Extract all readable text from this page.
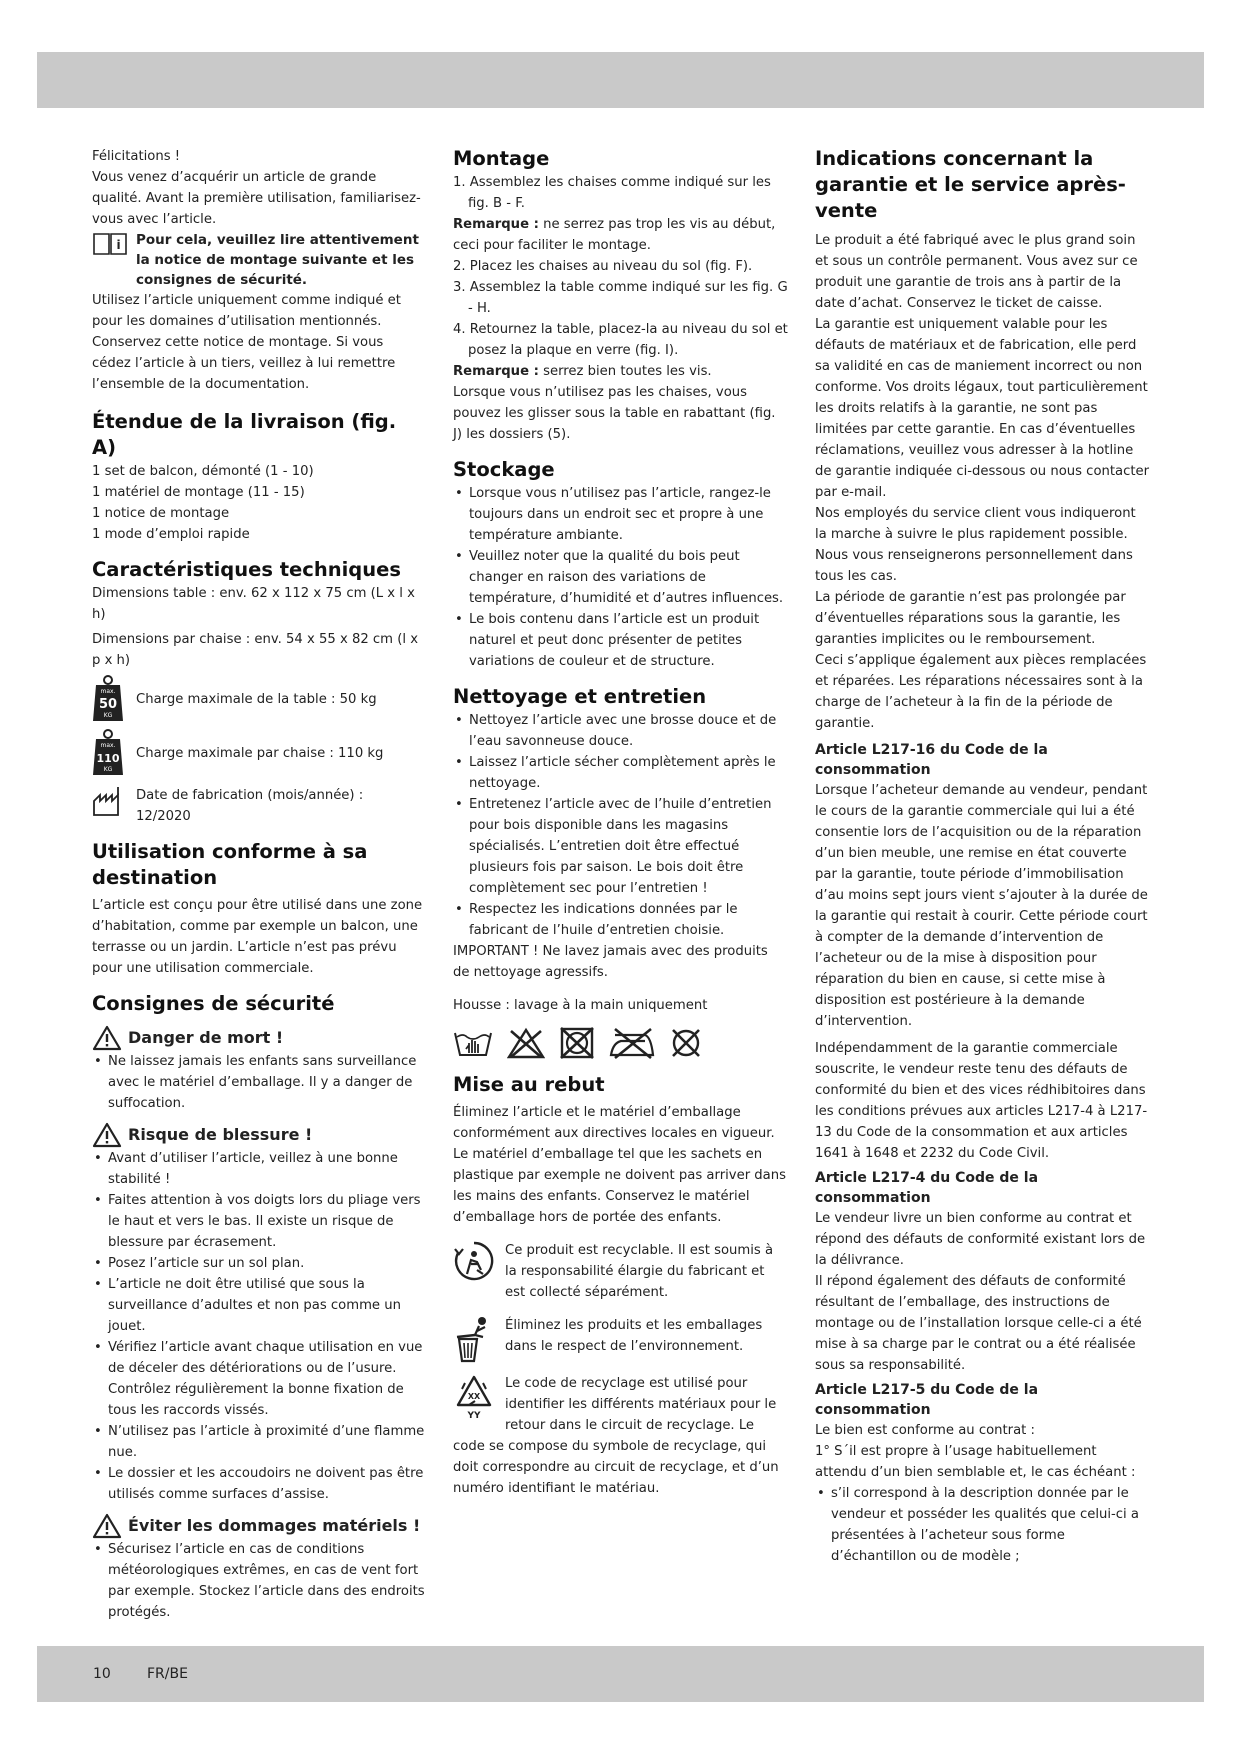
Félicitations !

Vous venez d’acquérir un article de grande qualité. Avant la première utilisation, familiarisez-vous avec l’article.

i Pour cela, veuillez lire attentivement la notice de montage suivante et les consignes de sécurité.

Utilisez l’article uniquement comme indiqué et pour les domaines d’utilisation mentionnés. Conservez cette notice de montage. Si vous cédez l’article à un tiers, veillez à lui remettre l’ensemble de la documentation.

Étendue de la livraison (fig. A)

1 set de balcon, démonté (1 - 10)

1 matériel de montage (11 - 15)

1 notice de montage

1 mode d’emploi rapide

Caractéristiques techniques

Dimensions table : env. 62 x 112 x 75 cm (L x l x h)

Dimensions par chaise : env. 54 x 55 x 82 cm (l x p x h)

max.
50
KG

Charge maximale de la table : 50 kg

max.
110
KG

Charge maximale par chaise : 110 kg

Date de fabrication (mois/année) : 12/2020

Utilisation conforme à sa destination

L’article est conçu pour être utilisé dans une zone d’habitation, comme par exemple un balcon, une terrasse ou un jardin. L’article n’est pas prévu pour une utilisation commerciale.

Consignes de sécurité
Danger de mort !
• Ne laissez jamais les enfants sans surveillance avec le matériel d’emballage. Il y a danger de suffocation.
Risque de blessure !
• Avant d’utiliser l’article, veillez à une bonne stabilité !
• Faites attention à vos doigts lors du pliage vers le haut et vers le bas. Il existe un risque de blessure par écrasement.
• Posez l’article sur un sol plan.
• L’article ne doit être utilisé que sous la surveillance d’adultes et non pas comme un jouet.
• Vérifiez l’article avant chaque utilisation en vue de déceler des détériorations ou de l’usure. Contrôlez régulièrement la bonne fixation de tous les raccords vissés.
• N’utilisez pas l’article à proximité d’une flamme nue.
• Le dossier et les accoudoirs ne doivent pas être utilisés comme surfaces d’assise.
Éviter les dommages matériels !
• Sécurisez l’article en cas de conditions météorologiques extrêmes, en cas de vent fort par exemple. Stockez l’article dans des endroits protégés.
Montage
1. Assemblez les chaises comme indiqué sur les fig. B - F.

Remarque : ne serrez pas trop les vis au début, ceci pour faciliter le montage.

2. Placez les chaises au niveau du sol (fig. F).
3. Assemblez la table comme indiqué sur les fig. G - H.
4. Retournez la table, placez-la au niveau du sol et posez la plaque en verre (fig. I).

Remarque : serrez bien toutes les vis.

Lorsque vous n’utilisez pas les chaises, vous pouvez les glisser sous la table en rabattant (fig. J) les dossiers (5).

Stockage
• Lorsque vous n’utilisez pas l’article, rangez-le toujours dans un endroit sec et propre à une température ambiante.
• Veuillez noter que la qualité du bois peut changer en raison des variations de température, d’humidité et d’autres influences.
• Le bois contenu dans l’article est un produit naturel et peut donc présenter de petites variations de couleur et de structure.
Nettoyage et entretien
• Nettoyez l’article avec une brosse douce et de l’eau savonneuse douce.
• Laissez l’article sécher complètement après le nettoyage.
• Entretenez l’article avec de l’huile d’entretien pour bois disponible dans les magasins spécialisés. L’entretien doit être effectué plusieurs fois par saison. Le bois doit être complètement sec pour l’entretien !
• Respectez les indications données par le fabricant de l’huile d’entretien choisie.

IMPORTANT ! Ne lavez jamais avec des produits de nettoyage agressifs.

Housse : lavage à la main uniquement

Mise au rebut

Éliminez l’article et le matériel d’emballage conformément aux directives locales en vigueur. Le matériel d’emballage tel que les sachets en plastique par exemple ne doivent pas arriver dans les mains des enfants. Conservez le matériel d’emballage hors de portée des enfants.

Ce produit est recyclable. Il est soumis à la responsabilité élargie du fabricant et est collecté séparément.

Éliminez les produits et les emballages dans le respect de l’environnement.

XX
YY

Le code de recyclage est utilisé pour identifier les différents matériaux pour le retour dans le circuit de recyclage. Le

code se compose du symbole de recyclage, qui doit correspondre au circuit de recyclage, et d’un numéro identifiant le matériau.

Indications concernant la garantie et le service après-vente

Le produit a été fabriqué avec le plus grand soin et sous un contrôle permanent. Vous avez sur ce produit une garantie de trois ans à partir de la date d’achat. Conservez le ticket de caisse.

La garantie est uniquement valable pour les défauts de matériaux et de fabrication, elle perd sa validité en cas de maniement incorrect ou non conforme. Vos droits légaux, tout particulièrement les droits relatifs à la garantie, ne sont pas limitées par cette garantie. En cas d’éventuelles réclamations, veuillez vous adresser à la hotline de garantie indiquée ci-dessous ou nous contacter par e-mail.

Nos employés du service client vous indiqueront la marche à suivre le plus rapidement possible. Nous vous renseignerons personnellement dans tous les cas.

La période de garantie n’est pas prolongée par d’éventuelles réparations sous la garantie, les garanties implicites ou le remboursement.

Ceci s’applique également aux pièces remplacées et réparées. Les réparations nécessaires sont à la charge de l’acheteur à la fin de la période de garantie.

Article L217-16 du Code de la consommation

Lorsque l’acheteur demande au vendeur, pendant le cours de la garantie commerciale qui lui a été consentie lors de l’acquisition ou de la réparation d’un bien meuble, une remise en état couverte par la garantie, toute période d’immobilisation d’au moins sept jours vient s’ajouter à la durée de la garantie qui restait à courir. Cette période court à compter de la demande d’intervention de l’acheteur ou de la mise à disposition pour réparation du bien en cause, si cette mise à disposition est postérieure à la demande d’intervention.

Indépendamment de la garantie commerciale souscrite, le vendeur reste tenu des défauts de conformité du bien et des vices rédhibitoires dans les conditions prévues aux articles L217-4 à L217-13 du Code de la consommation et aux articles 1641 à 1648 et 2232 du Code Civil.

Article L217-4 du Code de la consommation

Le vendeur livre un bien conforme au contrat et répond des défauts de conformité existant lors de la délivrance.

Il répond également des défauts de conformité résultant de l’emballage, des instructions de montage ou de l’installation lorsque celle-ci a été mise à sa charge par le contrat ou a été réalisée sous sa responsabilité.

Article L217-5 du Code de la consommation

Le bien est conforme au contrat :

1° S´il est propre à l’usage habituellement attendu d’un bien semblable et, le cas échéant :

• s’il correspond à la description donnée par le vendeur et posséder les qualités que celui-ci a présentées à l’acheteur sous forme d’échantillon ou de modèle ;
10	FR/BE
